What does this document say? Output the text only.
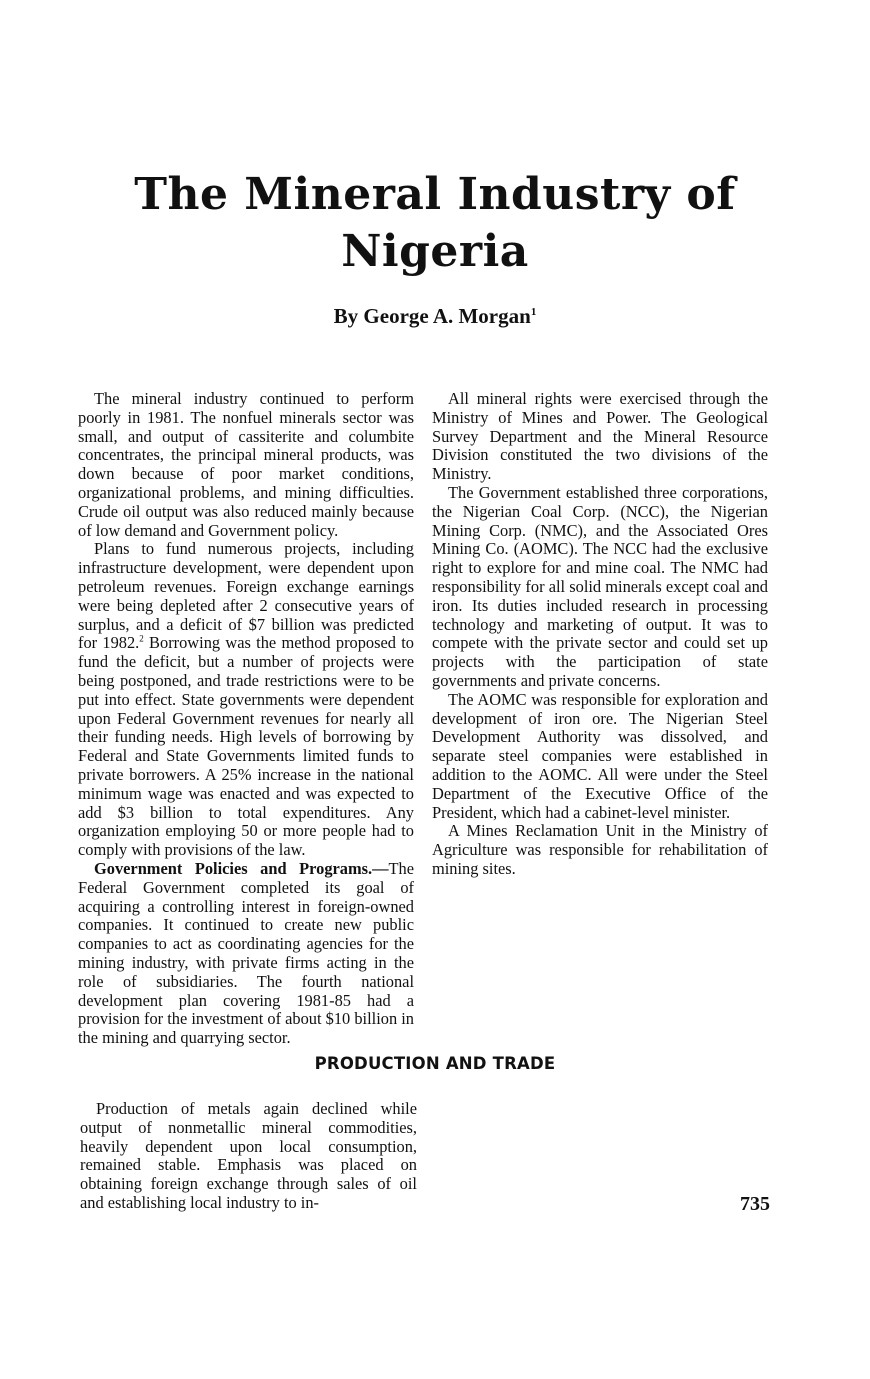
The Mineral Industry of
Nigeria
By George A. Morgan$^1$

The mineral industry continued to perform poorly in 1981. The nonfuel minerals sector was small, and output of cassiterite and columbite concentrates, the principal mineral products, was down because of poor market conditions, organizational problems, and mining difficulties. Crude oil output was also reduced mainly because of low demand and Government policy.

Plans to fund numerous projects, including infrastructure development, were dependent upon petroleum revenues. Foreign exchange earnings were being depleted after 2 consecutive years of surplus, and a deficit of $7 billion was predicted for 1982.$^2$ Borrowing was the method proposed to fund the deficit, but a number of projects were being postponed, and trade restrictions were to be put into effect. State governments were dependent upon Federal Government revenues for nearly all their funding needs. High levels of borrowing by Federal and State Governments limited funds to private borrowers. A 25% increase in the national minimum wage was enacted and was expected to add $3 billion to total expenditures. Any organization employing 50 or more people had to comply with provisions of the law.

Government Policies and Programs.—The Federal Government completed its goal of acquiring a controlling interest in foreign-owned companies. It continued to create new public companies to act as coordinating agencies for the mining industry, with private firms acting in the role of subsidiaries. The fourth national development plan covering 1981-85 had a provision for the investment of about $10 billion in the mining and quarrying sector.

All mineral rights were exercised through the Ministry of Mines and Power. The Geological Survey Department and the Mineral Resource Division constituted the two divisions of the Ministry.

The Government established three corporations, the Nigerian Coal Corp. (NCC), the Nigerian Mining Corp. (NMC), and the Associated Ores Mining Co. (AOMC). The NCC had the exclusive right to explore for and mine coal. The NMC had responsibility for all solid minerals except coal and iron. Its duties included research in processing technology and marketing of output. It was to compete with the private sector and could set up projects with the participation of state governments and private concerns.

The AOMC was responsible for exploration and development of iron ore. The Nigerian Steel Development Authority was dissolved, and separate steel companies were established in addition to the AOMC. All were under the Steel Department of the Executive Office of the President, which had a cabinet-level minister.

A Mines Reclamation Unit in the Ministry of Agriculture was responsible for rehabilitation of mining sites.

PRODUCTION AND TRADE

Production of metals again declined while output of nonmetallic mineral commodities, heavily dependent upon local consumption, remained stable. Emphasis was placed on obtaining foreign exchange through sales of oil and establishing local industry to in-	735
